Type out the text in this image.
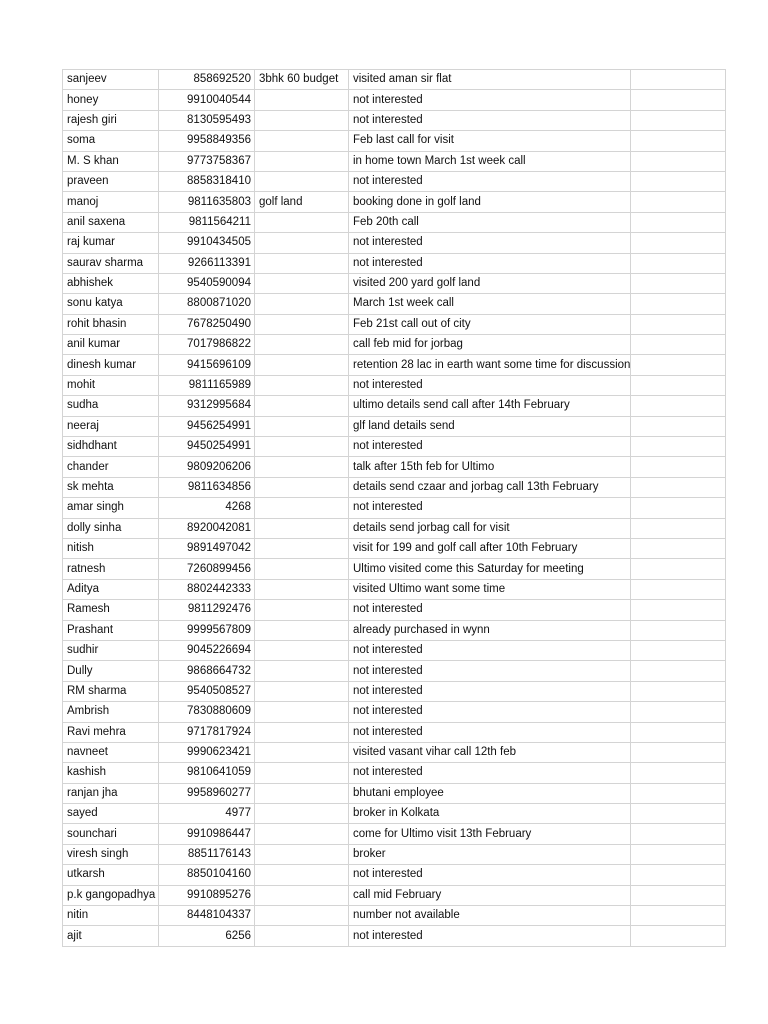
sanjeev	858692520	3bhk 60 budget	visited aman sir flat	
honey	9910040544		not interested	
rajesh giri	8130595493		not interested	
soma	9958849356		Feb last call for visit	
M. S khan	9773758367		in home town March 1st week call	
praveen	8858318410		not interested	
manoj	9811635803	golf land	booking done in golf land	
anil saxena	9811564211		Feb 20th call	
raj kumar	9910434505		not interested	
saurav sharma	9266113391		not interested	
abhishek	9540590094		visited 200 yard golf land	
sonu katya	8800871020		March 1st week call	
rohit bhasin	7678250490		Feb 21st call out of city	
anil kumar	7017986822		call feb mid for jorbag	
dinesh kumar	9415696109		retention 28 lac in earth want some time for discussion	
mohit	9811165989		not interested	
sudha	9312995684		ultimo details send call after 14th February	
neeraj	9456254991		glf land details send	
sidhdhant	9450254991		not interested	
chander	9809206206		talk after 15th feb for Ultimo	
sk mehta	9811634856		details send czaar and jorbag call 13th February	
amar singh	4268		not interested	
dolly sinha	8920042081		details send jorbag call for visit	
nitish	9891497042		visit for 199 and golf call after 10th February	
ratnesh	7260899456		Ultimo visited come this Saturday for meeting	
Aditya	8802442333		visited Ultimo want some time	
Ramesh	9811292476		not interested	
Prashant	9999567809		already purchased in wynn	
sudhir	9045226694		not interested	
Dully	9868664732		not interested	
RM sharma	9540508527		not interested	
Ambrish	7830880609		not interested	
Ravi mehra	9717817924		not interested	
navneet	9990623421		visited vasant vihar call 12th feb	
kashish	9810641059		not interested	
ranjan jha	9958960277		bhutani employee	
sayed	4977		broker in Kolkata	
sounchari	9910986447		come for Ultimo visit 13th February	
viresh singh	8851176143		broker	
utkarsh	8850104160		not interested	
p.k gangopadhya	9910895276		call mid February	
nitin	8448104337		number not available	
ajit	6256		not interested	
